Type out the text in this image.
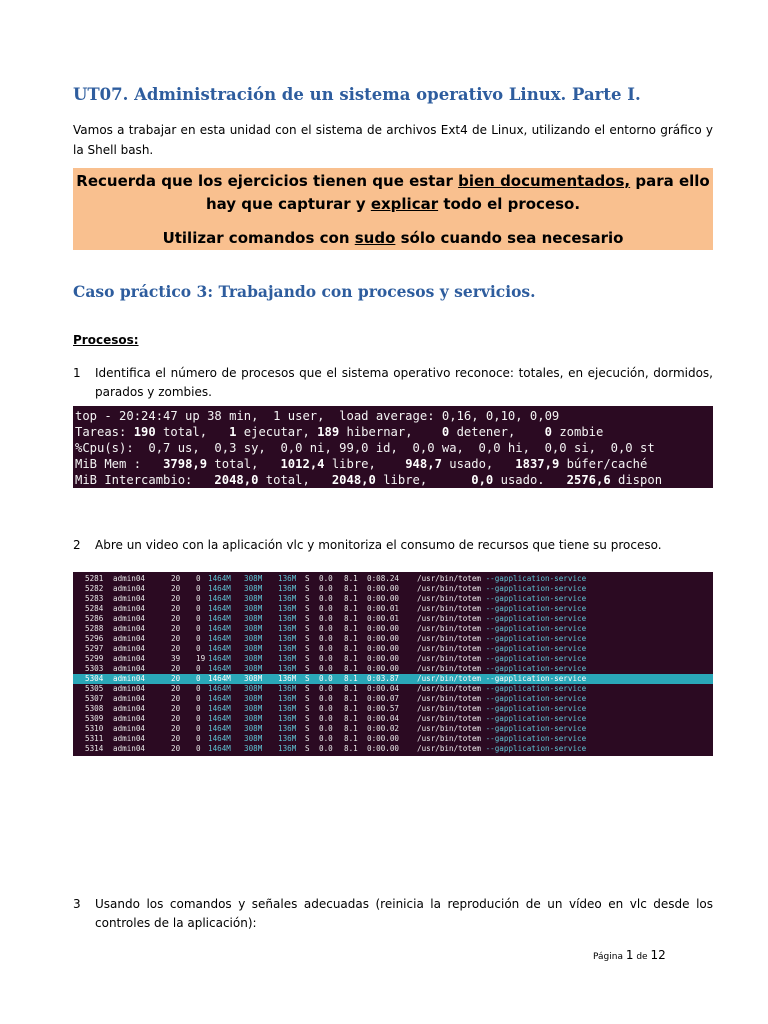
UT07. Administración de un sistema operativo Linux. Parte I.
Vamos a trabajar en esta unidad con el sistema de archivos Ext4 de Linux, utilizando el entorno gráfico y la Shell bash.
Recuerda que los ejercicios tienen que estar bien documentados, para ello hay que capturar y explicar todo el proceso.
Utilizar comandos con sudo sólo cuando sea necesario
Caso práctico 3: Trabajando con procesos y servicios.
Procesos:
1 Identifica el número de procesos que el sistema operativo reconoce: totales, en ejecución, dormidos, parados y zombies.
top - 20:24:47 up 38 min,  1 user,  load average: 0,16, 0,10, 0,09
Tareas: 190 total,   1 ejecutar, 189 hibernar,    0 detener,    0 zombie
%Cpu(s):  0,7 us,  0,3 sy,  0,0 ni, 99,0 id,  0,0 wa,  0,0 hi,  0,0 si,  0,0 st
MiB Mem :   3798,9 total,   1012,4 libre,    948,7 usado,   1837,9 búfer/caché
MiB Intercambio:   2048,0 total,   2048,0 libre,      0,0 usado.   2576,6 dispon
2 Abre un video con la aplicación vlc y monitoriza el consumo de recursos que tiene su proceso.
5281 admin04	20 0 1464M 308M 136M S 0.0 8.1 0:08.24 /usr/bin/totem --gapplication-service
5282 admin04	20 0 1464M 308M 136M S 0.0 8.1 0:00.00 /usr/bin/totem --gapplication-service
5283 admin04	20 0 1464M 308M 136M S 0.0 8.1 0:00.00 /usr/bin/totem --gapplication-service
5284 admin04	20 0 1464M 308M 136M S 0.0 8.1 0:00.01 /usr/bin/totem --gapplication-service
5286 admin04	20 0 1464M 308M 136M S 0.0 8.1 0:00.01 /usr/bin/totem --gapplication-service
5288 admin04	20 0 1464M 308M 136M S 0.0 8.1 0:00.00 /usr/bin/totem --gapplication-service
5296 admin04	20 0 1464M 308M 136M S 0.0 8.1 0:00.00 /usr/bin/totem --gapplication-service
5297 admin04	20 0 1464M 308M 136M S 0.0 8.1 0:00.00 /usr/bin/totem --gapplication-service
5299 admin04	39 19 1464M 308M 136M S 0.0 8.1 0:00.00 /usr/bin/totem --gapplication-service
5303 admin04	20 0 1464M 308M 136M S 0.0 8.1 0:00.00 /usr/bin/totem --gapplication-service
5304 admin04	20 0 1464M 308M 136M S 0.0 8.1 0:03.87 /usr/bin/totem --gapplication-service
5305 admin04	20 0 1464M 308M 136M S 0.0 8.1 0:00.04 /usr/bin/totem --gapplication-service
5307 admin04	20 0 1464M 308M 136M S 0.0 8.1 0:00.07 /usr/bin/totem --gapplication-service
5308 admin04	20 0 1464M 308M 136M S 0.0 8.1 0:00.57 /usr/bin/totem --gapplication-service
5309 admin04	20 0 1464M 308M 136M S 0.0 8.1 0:00.04 /usr/bin/totem --gapplication-service
5310 admin04	20 0 1464M 308M 136M S 0.0 8.1 0:00.02 /usr/bin/totem --gapplication-service
5311 admin04	20 0 1464M 308M 136M S 0.0 8.1 0:00.00 /usr/bin/totem --gapplication-service
5314 admin04	20 0 1464M 308M 136M S 0.0 8.1 0:00.00 /usr/bin/totem --gapplication-service
3 Usando los comandos y señales adecuadas (reinicia la reprodución de un vídeo en vlc desde los controles de la aplicación):
Página 1 de 12
